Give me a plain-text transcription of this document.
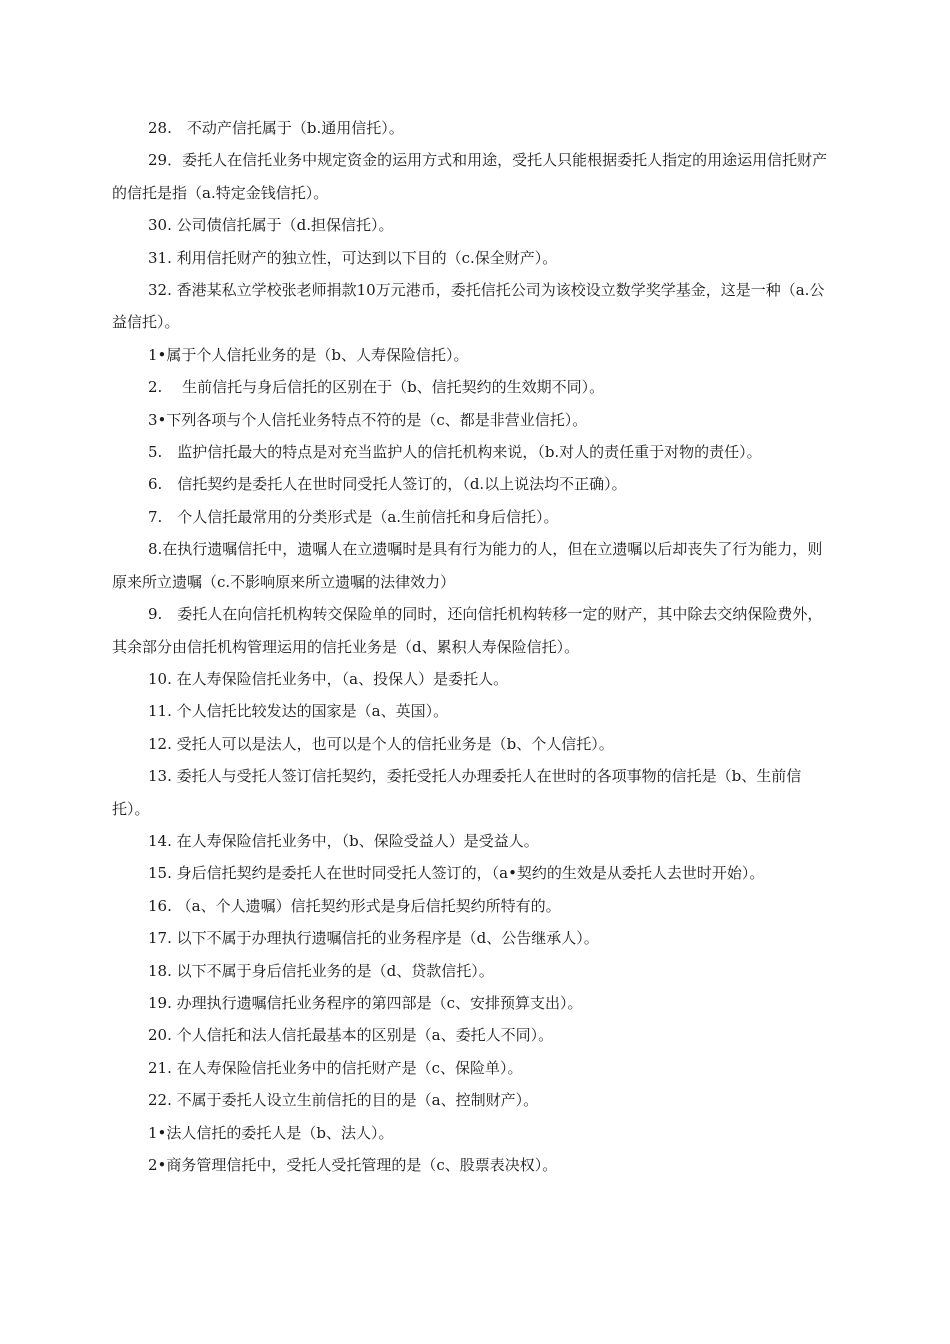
28.　不动产信托属于（b.通用信托）。

29．委托人在信托业务中规定资金的运用方式和用途，受托人只能根据委托人指定的用途运用信托财产的信托是指（a.特定金钱信托）。

30. 公司债信托属于（d.担保信托）。

31. 利用信托财产的独立性，可达到以下目的（c.保全财产）。

32. 香港某私立学校张老师捐款10万元港币，委托信托公司为该校设立数学奖学基金，这是一种（a.公益信托）。

1•属于个人信托业务的是（b、人寿保险信托）。

2.　 生前信托与身后信托的区别在于（b、信托契约的生效期不同）。

3•下列各项与个人信托业务特点不符的是（c、都是非营业信托）。

5.　监护信托最大的特点是对充当监护人的信托机构来说，（b.对人的责任重于对物的责任）。

6.　信托契约是委托人在世时同受托人签订的，（d.以上说法均不正确）。

7.　个人信托最常用的分类形式是（a.生前信托和身后信托）。

8.在执行遗嘱信托中，遗嘱人在立遗嘱时是具有行为能力的人，但在立遗嘱以后却丧失了行为能力，则原来所立遗嘱（c.不影响原来所立遗嘱的法律效力）

9.　委托人在向信托机构转交保险单的同时，还向信托机构转移一定的财产，其中除去交纳保险费外，其余部分由信托机构管理运用的信托业务是（d、累积人寿保险信托）。

10. 在人寿保险信托业务中，（a、投保人）是委托人。

11. 个人信托比较发达的国家是（a、英国）。

12. 受托人可以是法人，也可以是个人的信托业务是（b、个人信托）。

13. 委托人与受托人签订信托契约，委托受托人办理委托人在世时的各项事物的信托是（b、生前信托）。

14. 在人寿保险信托业务中，（b、保险受益人）是受益人。

15. 身后信托契约是委托人在世时同受托人签订的，（a•契约的生效是从委托人去世时开始）。

16. （a、个人遗嘱）信托契约形式是身后信托契约所特有的。

17. 以下不属于办理执行遗嘱信托的业务程序是（d、公告继承人）。

18. 以下不属于身后信托业务的是（d、贷款信托）。

19. 办理执行遗嘱信托业务程序的第四部是（c、安排预算支出）。

20. 个人信托和法人信托最基本的区别是（a、委托人不同）。

21. 在人寿保险信托业务中的信托财产是（c、保险单）。

22. 不属于委托人设立生前信托的目的是（a、控制财产）。

1•法人信托的委托人是（b、法人）。

2•商务管理信托中，受托人受托管理的是（c、股票表决权）。
